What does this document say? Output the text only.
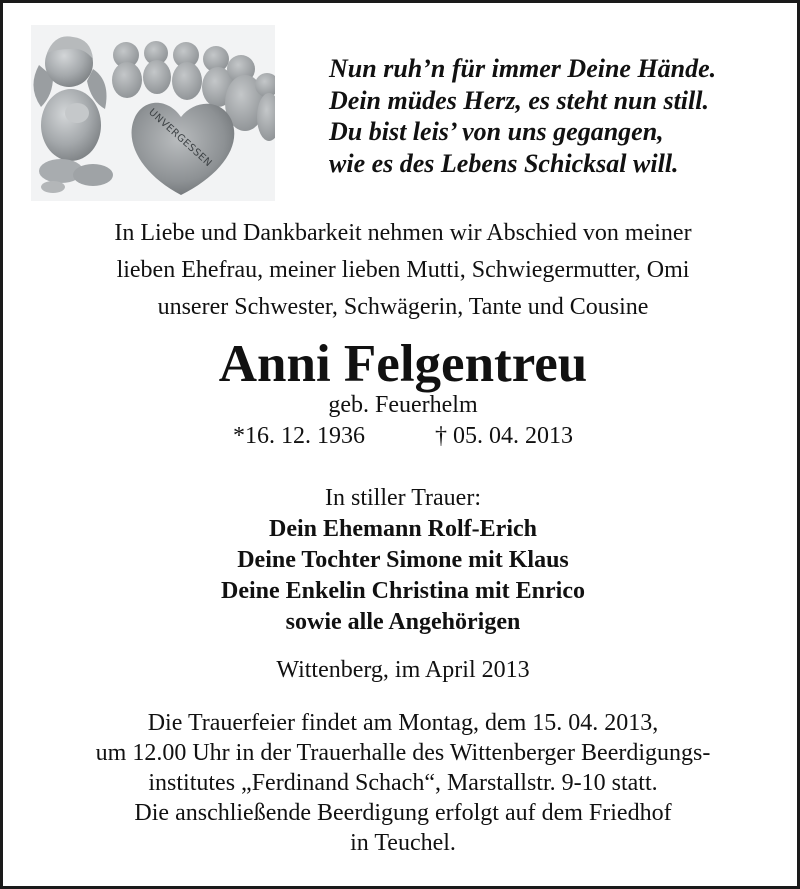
UNVERGESSEN
Nun ruh’n für immer Deine Hände.
Dein müdes Herz, es steht nun still.
Du bist leis’ von uns gegangen,
wie es des Lebens Schicksal will.
In Liebe und Dankbarkeit nehmen wir Abschied von meiner
lieben Ehefrau, meiner lieben Mutti, Schwiegermutter, Omi
unserer Schwester, Schwägerin, Tante und Cousine
Anni Felgentreu
geb. Feuerhelm
*16. 12. 1936	† 05. 04. 2013
In stiller Trauer:
Dein Ehemann Rolf-Erich
Deine Tochter Simone mit Klaus
Deine Enkelin Christina mit Enrico
sowie alle Angehörigen
Wittenberg, im April 2013
Die Trauerfeier findet am Montag, dem 15. 04. 2013,
um 12.00 Uhr in der Trauerhalle des Wittenberger Beerdigungs-
institutes „Ferdinand Schach“, Marstallstr. 9-10 statt.
Die anschließende Beerdigung erfolgt auf dem Friedhof
in Teuchel.
